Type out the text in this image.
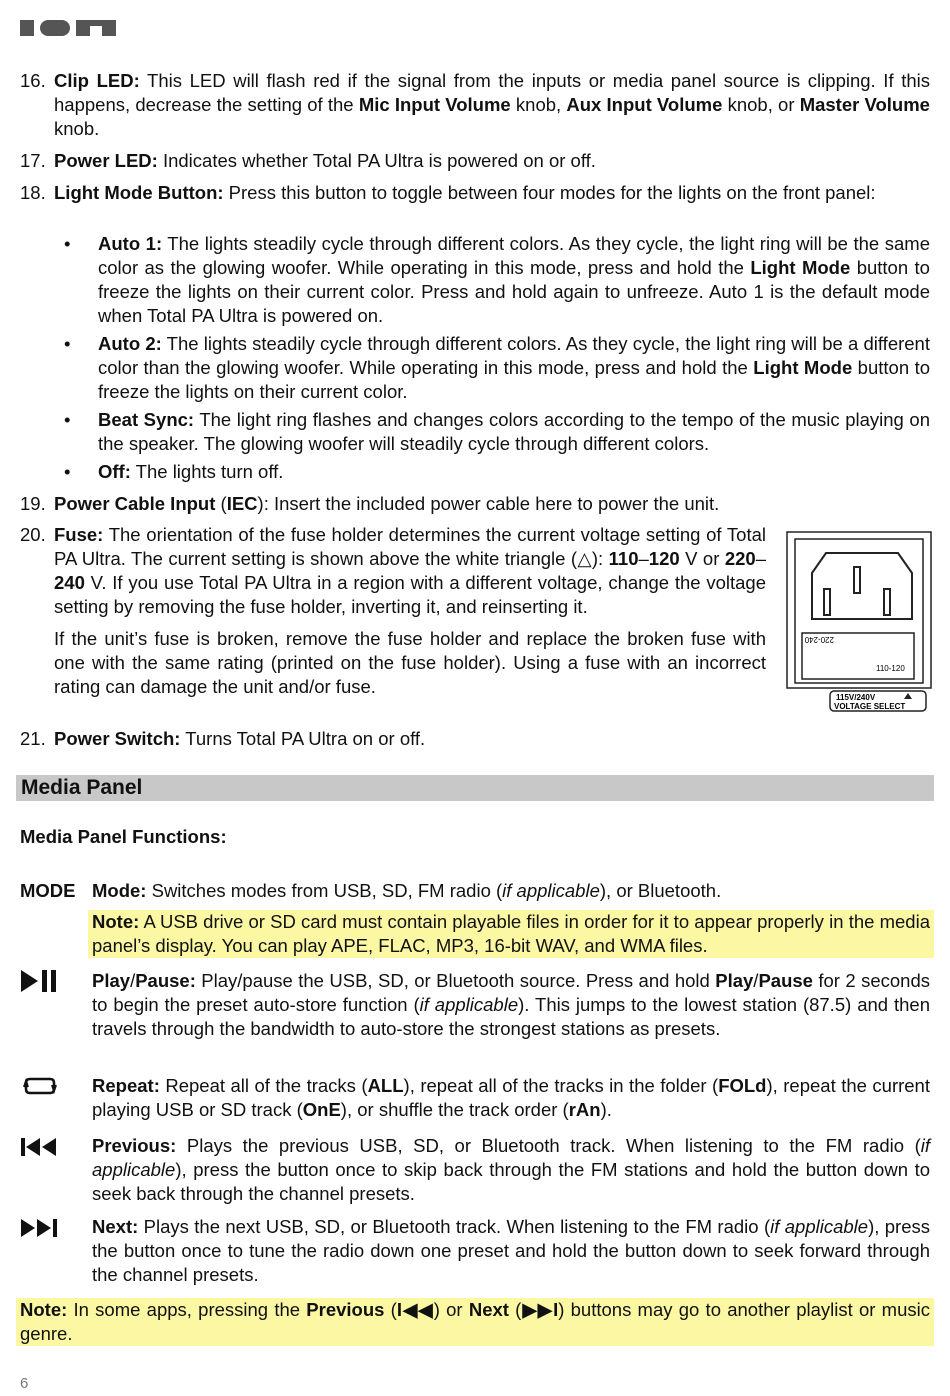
16. Clip LED: This LED will flash red if the signal from the inputs or media panel source is clipping. If this happens, decrease the setting of the Mic Input Volume knob, Aux Input Volume knob, or Master Volume knob.
17. Power LED: Indicates whether Total PA Ultra is powered on or off.
18. Light Mode Button: Press this button to toggle between four modes for the lights on the front panel:
• Auto 1: The lights steadily cycle through different colors. As they cycle, the light ring will be the same color as the glowing woofer. While operating in this mode, press and hold the Light Mode button to freeze the lights on their current color. Press and hold again to unfreeze. Auto 1 is the default mode when Total PA Ultra is powered on.
• Auto 2: The lights steadily cycle through different colors. As they cycle, the light ring will be a different color than the glowing woofer. While operating in this mode, press and hold the Light Mode button to freeze the lights on their current color.
• Beat Sync: The light ring flashes and changes colors according to the tempo of the music playing on the speaker. The glowing woofer will steadily cycle through different colors.
• Off: The lights turn off.
19. Power Cable Input (IEC): Insert the included power cable here to power the unit.
20. Fuse: The orientation of the fuse holder determines the current voltage setting of Total PA Ultra. The current setting is shown above the white triangle (△): 110–120 V or 220–240 V. If you use Total PA Ultra in a region with a different voltage, change the voltage setting by removing the fuse holder, inverting it, and reinserting it.
If the unit’s fuse is broken, remove the fuse holder and replace the broken fuse with one with the same rating (printed on the fuse holder). Using a fuse with an incorrect rating can damage the unit and/or fuse.
220-240
110-120
115V/240V
VOLTAGE SELECT
21. Power Switch: Turns Total PA Ultra on or off.
Media Panel
Media Panel Functions:
MODE Mode: Switches modes from USB, SD, FM radio (if applicable), or Bluetooth.
Note: A USB drive or SD card must contain playable files in order for it to appear properly in the media panel’s display. You can play APE, FLAC, MP3, 16-bit WAV, and WMA files.
Play/Pause: Play/pause the USB, SD, or Bluetooth source. Press and hold Play/Pause for 2 seconds to begin the preset auto-store function (if applicable). This jumps to the lowest station (87.5) and then travels through the bandwidth to auto-store the strongest stations as presets.
Repeat: Repeat all of the tracks (ALL), repeat all of the tracks in the folder (FOLd), repeat the current playing USB or SD track (OnE), or shuffle the track order (rAn).
Previous: Plays the previous USB, SD, or Bluetooth track. When listening to the FM radio (if applicable), press the button once to skip back through the FM stations and hold the button down to seek back through the channel presets.
Next: Plays the next USB, SD, or Bluetooth track. When listening to the FM radio (if applicable), press the button once to tune the radio down one preset and hold the button down to seek forward through the channel presets.
Note: In some apps, pressing the Previous (I◀◀) or Next (▶▶I) buttons may go to another playlist or music genre.
6
